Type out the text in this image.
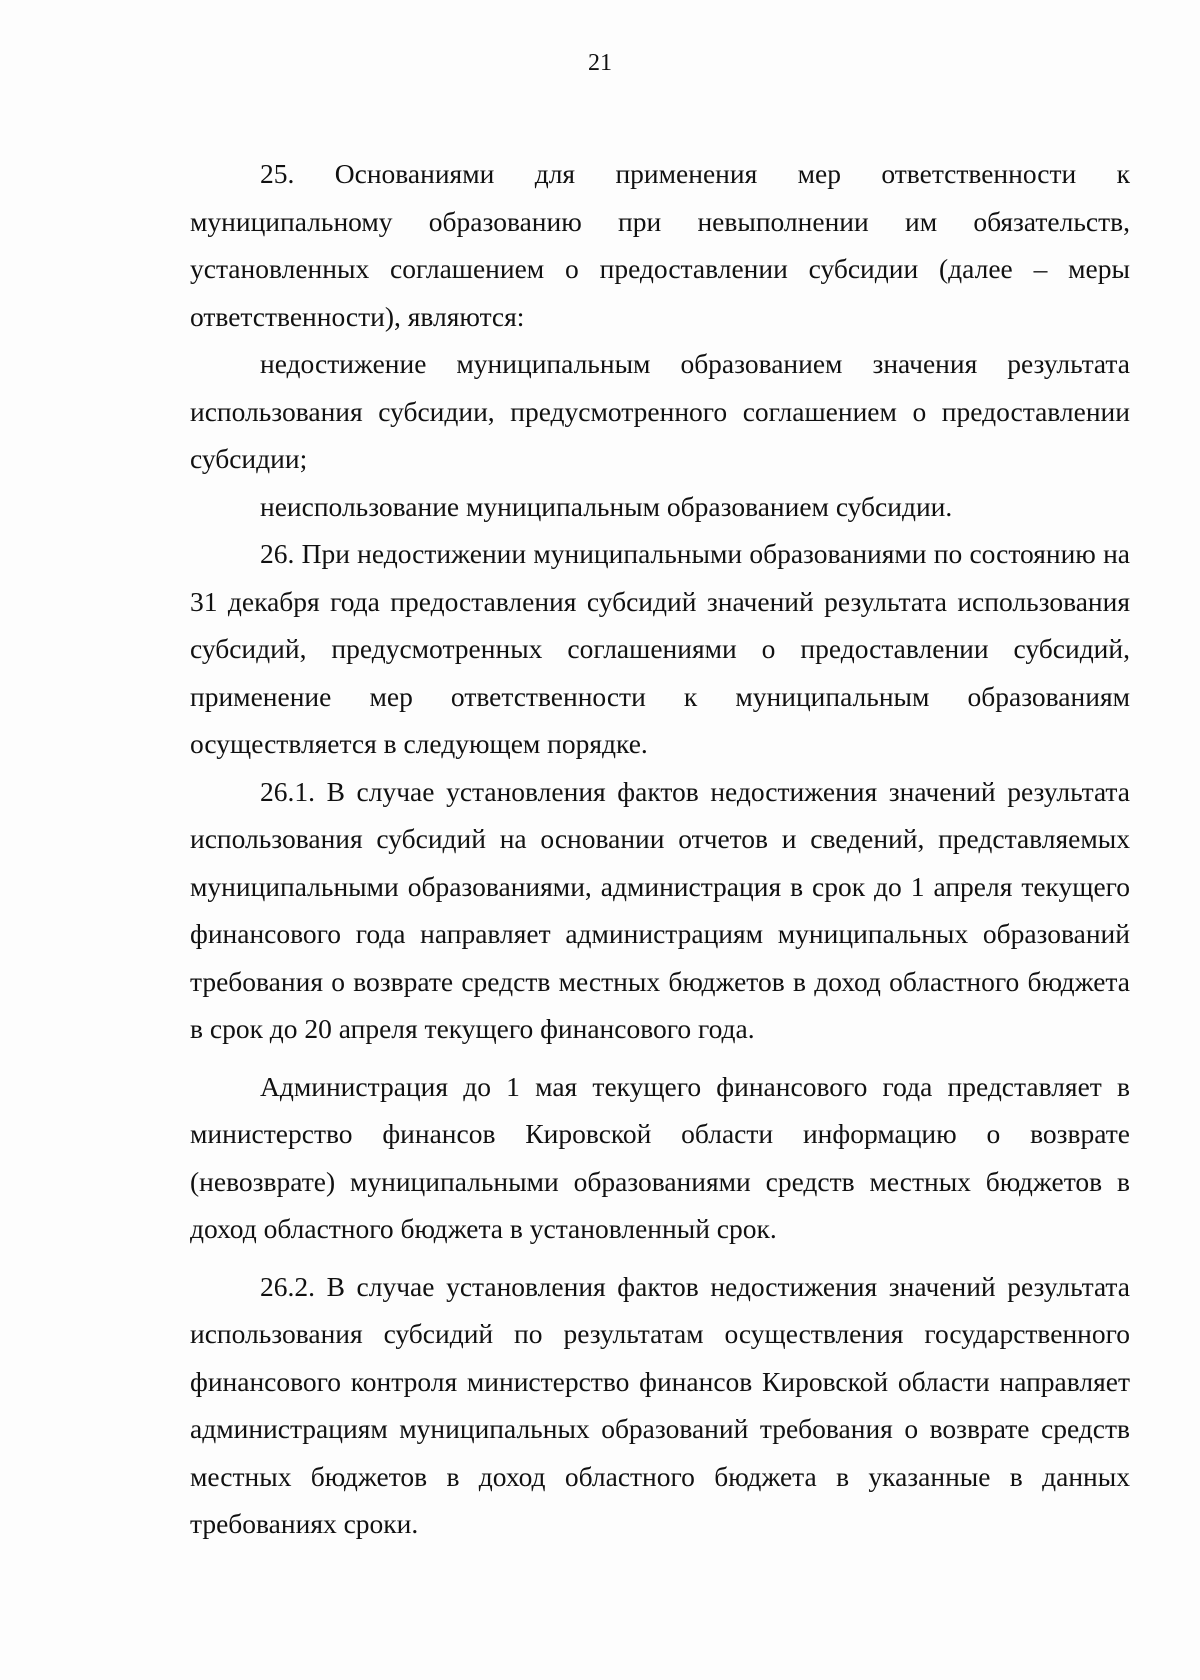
21

25. Основаниями для применения мер ответственности к муниципальному образованию при невыполнении им обязательств, установленных соглашением о предоставлении субсидии (далее – меры ответственности), являются:

недостижение муниципальным образованием значения результата использования субсидии, предусмотренного соглашением о предоставлении субсидии;

неиспользование муниципальным образованием субсидии.

26. При недостижении муниципальными образованиями по состоянию на 31 декабря года предоставления субсидий значений результата использования субсидий, предусмотренных соглашениями о предоставлении субсидий, применение мер ответственности к муниципальным образованиям осуществляется в следующем порядке.

26.1. В случае установления фактов недостижения значений результата использования субсидий на основании отчетов и сведений, представляемых муниципальными образованиями, администрация в срок до 1 апреля текущего финансового года направляет администрациям муниципальных образований требования о возврате средств местных бюджетов в доход областного бюджета в срок до 20 апреля текущего финансового года.

Администрация до 1 мая текущего финансового года представляет в министерство финансов Кировской области информацию о возврате (невозврате) муниципальными образованиями средств местных бюджетов в доход областного бюджета в установленный срок.

26.2. В случае установления фактов недостижения значений результата использования субсидий по результатам осуществления государственного финансового контроля министерство финансов Кировской области направляет администрациям муниципальных образований требования о возврате средств местных бюджетов в доход областного бюджета в указанные в данных требованиях сроки.
